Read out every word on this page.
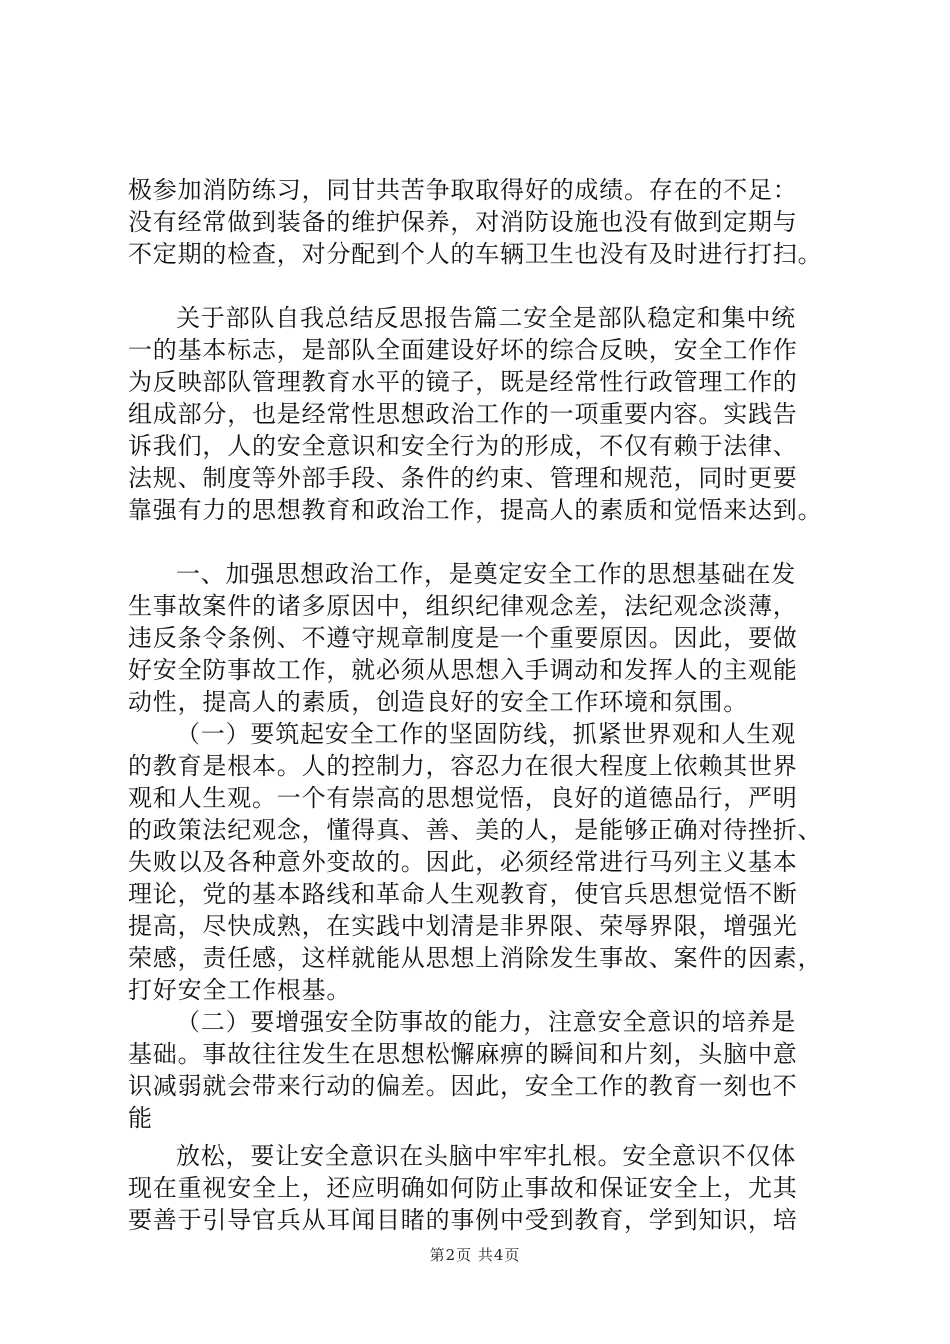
极参加消防练习，同甘共苦争取取得好的成绩。存在的不足：
没有经常做到装备的维护保养，对消防设施也没有做到定期与
不定期的检查，对分配到个人的车辆卫生也没有及时进行打扫。
关于部队自我总结反思报告篇二安全是部队稳定和集中统
一的基本标志，是部队全面建设好坏的综合反映，安全工作作
为反映部队管理教育水平的镜子，既是经常性行政管理工作的
组成部分，也是经常性思想政治工作的一项重要内容。实践告
诉我们，人的安全意识和安全行为的形成，不仅有赖于法律、
法规、制度等外部手段、条件的约束、管理和规范，同时更要
靠强有力的思想教育和政治工作，提高人的素质和觉悟来达到。
一、加强思想政治工作，是奠定安全工作的思想基础在发
生事故案件的诸多原因中，组织纪律观念差，法纪观念淡薄，
违反条令条例、不遵守规章制度是一个重要原因。因此，要做
好安全防事故工作，就必须从思想入手调动和发挥人的主观能
动性，提高人的素质，创造良好的安全工作环境和氛围。
（一）要筑起安全工作的坚固防线，抓紧世界观和人生观
的教育是根本。人的控制力，容忍力在很大程度上依赖其世界
观和人生观。一个有崇高的思想觉悟，良好的道德品行，严明
的政策法纪观念，懂得真、善、美的人，是能够正确对待挫折、
失败以及各种意外变故的。因此，必须经常进行马列主义基本
理论，党的基本路线和革命人生观教育，使官兵思想觉悟不断
提高，尽快成熟，在实践中划清是非界限、荣辱界限，增强光
荣感，责任感，这样就能从思想上消除发生事故、案件的因素，
打好安全工作根基。
（二）要增强安全防事故的能力，注意安全意识的培养是
基础。事故往往发生在思想松懈麻痹的瞬间和片刻，头脑中意
识减弱就会带来行动的偏差。因此，安全工作的教育一刻也不
能
放松，要让安全意识在头脑中牢牢扎根。安全意识不仅体
现在重视安全上，还应明确如何防止事故和保证安全上，尤其
要善于引导官兵从耳闻目睹的事例中受到教育，学到知识，培
第2页 共4页
